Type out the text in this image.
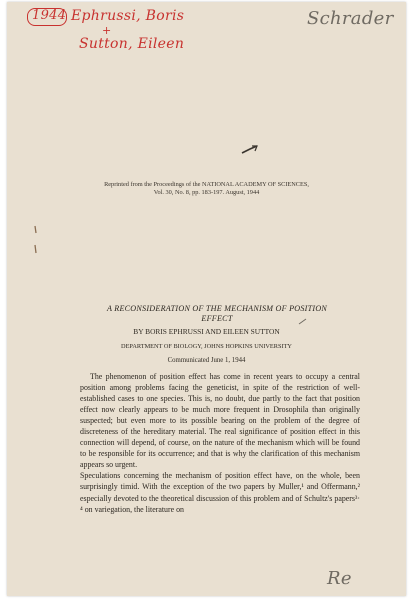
1944 Ephrussi, Boris
+
Sutton, Eileen
Schrader
Re
Reprinted from the Proceedings of the NATIONAL ACADEMY OF SCIENCES,
Vol. 30, No. 8, pp. 183-197. August, 1944
A RECONSIDERATION OF THE MECHANISM OF POSITION
EFFECT
BY BORIS EPHRUSSI AND EILEEN SUTTON
DEPARTMENT OF BIOLOGY, JOHNS HOPKINS UNIVERSITY
Communicated June 1, 1944

The phenomenon of position effect has come in recent years to occupy a central position among problems facing the geneticist, in spite of the restriction of well-established cases to one species. This is, no doubt, due partly to the fact that position effect now clearly appears to be much more frequent in Drosophila than originally suspected; but even more to its possible bearing on the problem of the degree of discreteness of the hereditary material. The real significance of position effect in this connection will depend, of course, on the nature of the mechanism which will be found to be responsible for its occurrence; and that is why the clarification of this mechanism appears so urgent.

Speculations concerning the mechanism of position effect have, on the whole, been surprisingly timid. With the exception of the two papers by Muller,¹ and Offermann,² especially devoted to the theoretical discussion of this problem and of Schultz's papers³· ⁴ on variegation, the literature on
